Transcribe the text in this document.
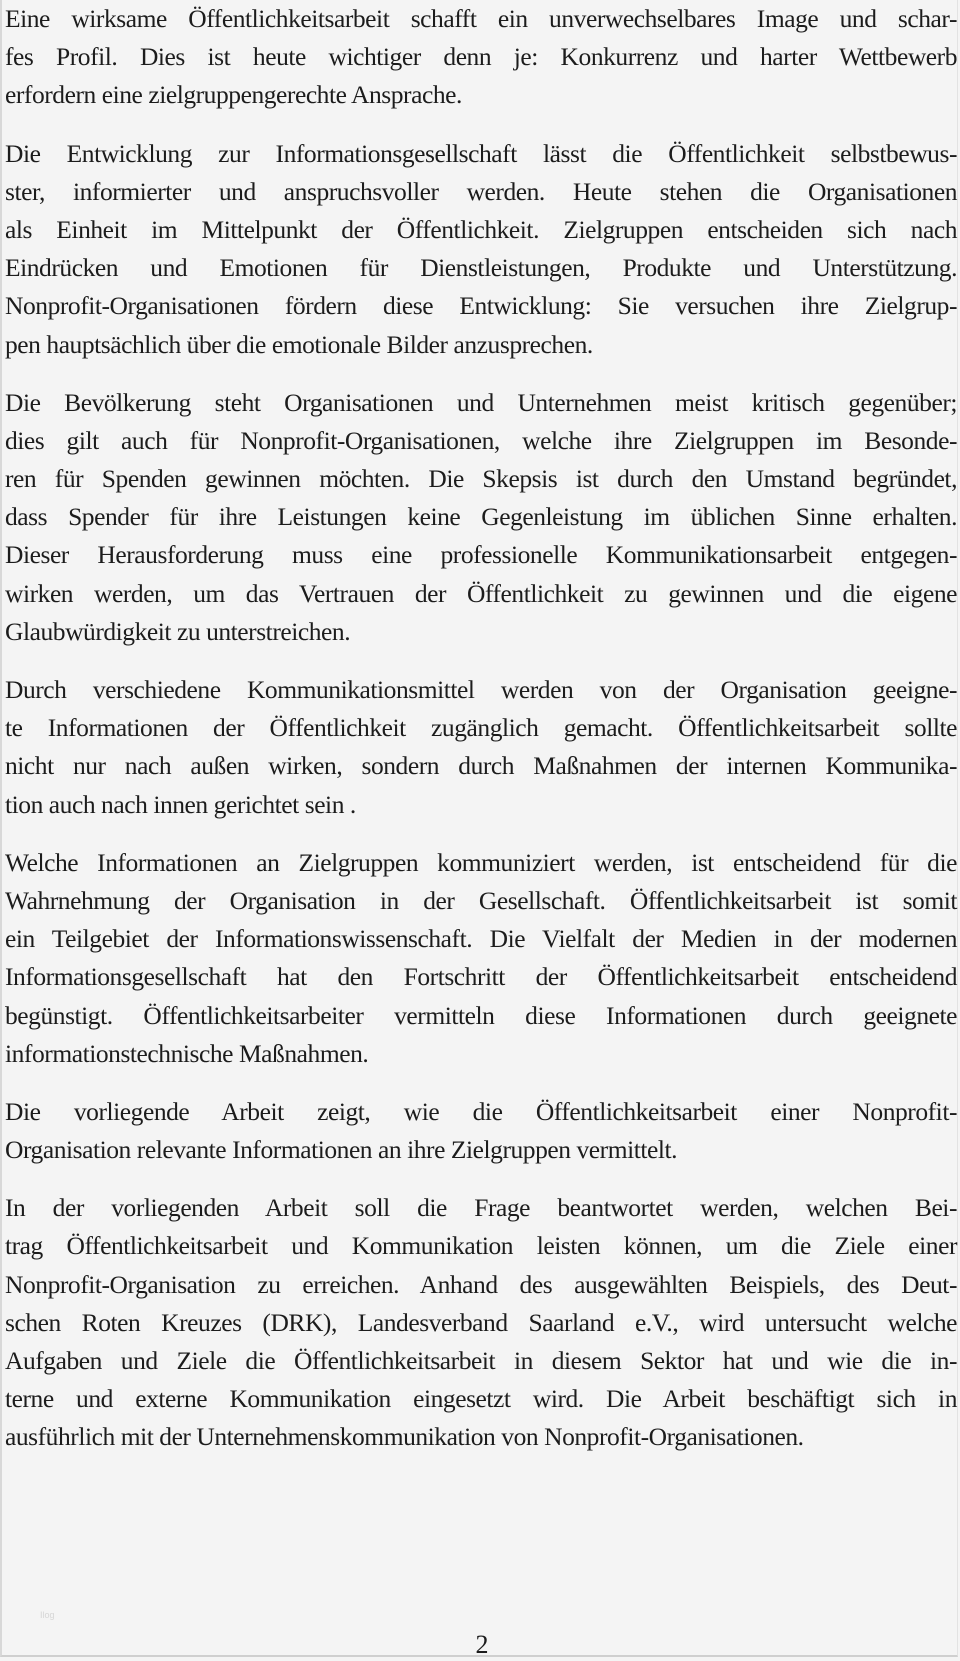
Eine wirksame Öffentlichkeitsarbeit schafft ein unverwechselbares Image und schar-
fes Profil. Dies ist heute wichtiger denn je: Konkurrenz und harter Wettbewerb
erfordern eine zielgruppengerechte Ansprache.

Die Entwicklung zur Informationsgesellschaft lässt die Öffentlichkeit selbstbewus-
ster, informierter und anspruchsvoller werden. Heute stehen die Organisationen
als Einheit im Mittelpunkt der Öffentlichkeit. Zielgruppen entscheiden sich nach
Eindrücken und Emotionen für Dienstleistungen, Produkte und Unterstützung.
Nonprofit-Organisationen fördern diese Entwicklung: Sie versuchen ihre Zielgrup-
pen hauptsächlich über die emotionale Bilder anzusprechen.

Die Bevölkerung steht Organisationen und Unternehmen meist kritisch gegenüber;
dies gilt auch für Nonprofit-Organisationen, welche ihre Zielgruppen im Besonde-
ren für Spenden gewinnen möchten. Die Skepsis ist durch den Umstand begründet,
dass Spender für ihre Leistungen keine Gegenleistung im üblichen Sinne erhalten.
Dieser Herausforderung muss eine professionelle Kommunikationsarbeit entgegen-
wirken werden, um das Vertrauen der Öffentlichkeit zu gewinnen und die eigene
Glaubwürdigkeit zu unterstreichen.

Durch verschiedene Kommunikationsmittel werden von der Organisation geeigne-
te Informationen der Öffentlichkeit zugänglich gemacht. Öffentlichkeitsarbeit sollte
nicht nur nach außen wirken, sondern durch Maßnahmen der internen Kommunika-
tion auch nach innen gerichtet sein .

Welche Informationen an Zielgruppen kommuniziert werden, ist entscheidend für die
Wahrnehmung der Organisation in der Gesellschaft. Öffentlichkeitsarbeit ist somit
ein Teilgebiet der Informationswissenschaft. Die Vielfalt der Medien in der modernen
Informationsgesellschaft hat den Fortschritt der Öffentlichkeitsarbeit entscheidend
begünstigt. Öffentlichkeitsarbeiter vermitteln diese Informationen durch geeignete
informationstechnische Maßnahmen.

Die vorliegende Arbeit zeigt, wie die Öffentlichkeitsarbeit einer Nonprofit-
Organisation relevante Informationen an ihre Zielgruppen vermittelt.

In der vorliegenden Arbeit soll die Frage beantwortet werden, welchen Bei-
trag Öffentlichkeitsarbeit und Kommunikation leisten können, um die Ziele einer
Nonprofit-Organisation zu erreichen. Anhand des ausgewählten Beispiels, des Deut-
schen Roten Kreuzes (DRK), Landesverband Saarland e.V., wird untersucht welche
Aufgaben und Ziele die Öffentlichkeitsarbeit in diesem Sektor hat und wie die in-
terne und externe Kommunikation eingesetzt wird. Die Arbeit beschäftigt sich in
ausführlich mit der Unternehmenskommunikation von Nonprofit-Organisationen.

Ilog
2
